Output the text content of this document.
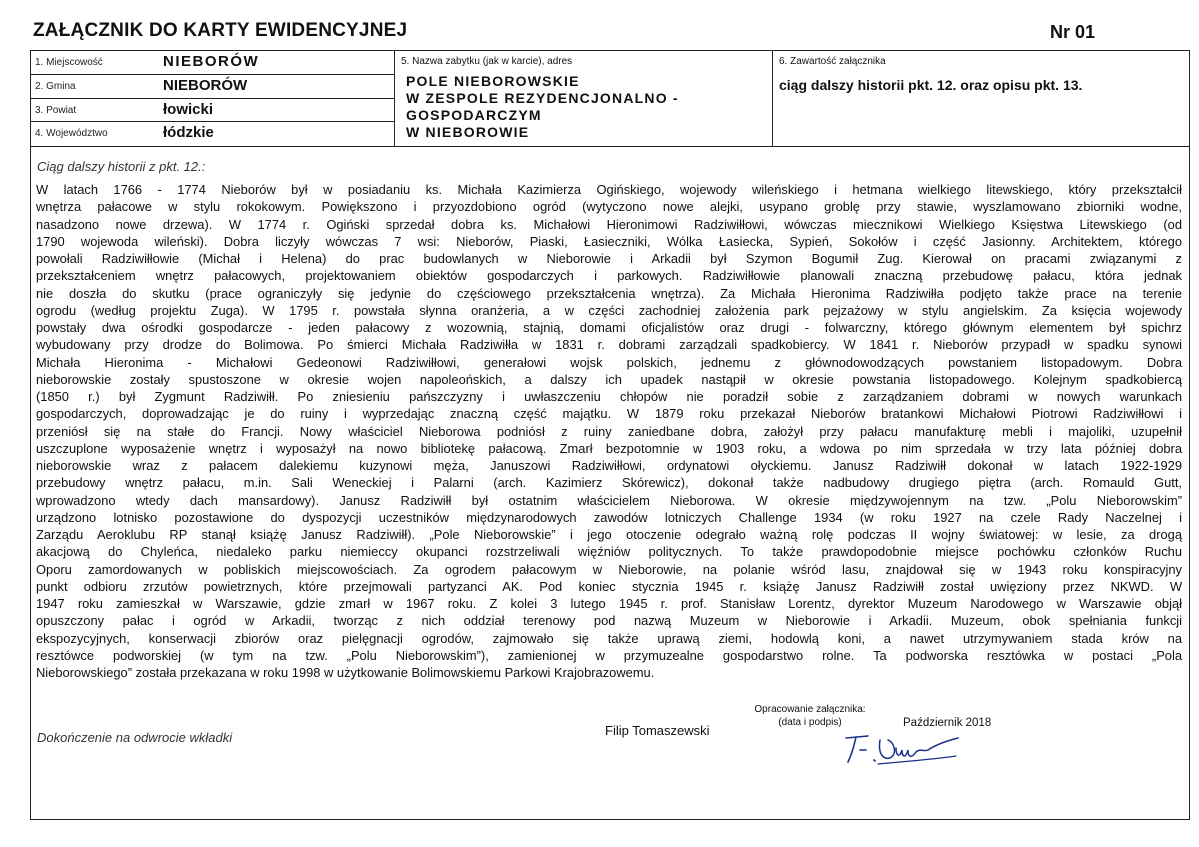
ZAŁĄCZNIK DO KARTY EWIDENCYJNEJ	Nr 01
1. Miejscowość	NIEBORÓW
2. Gmina	NIEBORÓW
3. Powiat	łowicki
4. Województwo	łódzkie
5. Nazwa zabytku (jak w karcie), adres
POLE NIEBOROWSKIE
W ZESPOLE REZYDENCJONALNO -
GOSPODARCZYM
W NIEBOROWIE
6. Zawartość załącznika
ciąg dalszy historii pkt. 12. oraz opisu pkt. 13.
Ciąg dalszy historii z pkt. 12.:

W latach 1766 - 1774 Nieborów był w posiadaniu ks. Michała Kazimierza Ogińskiego, wojewody wileńskiego i hetmana wielkiego litewskiego, który przekształcił

wnętrza pałacowe w stylu rokokowym. Powiększono i przyozdobiono ogród (wytyczono nowe alejki, usypano groblę przy stawie, wyszlamowano zbiorniki wodne,

nasadzono nowe drzewa). W 1774 r. Ogiński sprzedał dobra ks. Michałowi Hieronimowi Radziwiłłowi, wówczas miecznikowi Wielkiego Księstwa Litewskiego (od

1790 wojewoda wileński). Dobra liczyły wówczas 7 wsi: Nieborów, Piaski, Łasieczniki, Wólka Łasiecka, Sypień, Sokołów i część Jasionny. Architektem, którego

powołali Radziwiłłowie (Michał i Helena) do prac budowlanych w Nieborowie i Arkadii był Szymon Bogumił Zug. Kierował on pracami związanymi z

przekształceniem wnętrz pałacowych, projektowaniem obiektów gospodarczych i parkowych. Radziwiłłowie planowali znaczną przebudowę pałacu, która jednak

nie doszła do skutku (prace ograniczyły się jedynie do częściowego przekształcenia wnętrza). Za Michała Hieronima Radziwiłła podjęto także prace na terenie

ogrodu (według projektu Zuga). W 1795 r. powstała słynna oranżeria, a w części zachodniej założenia park pejzażowy w stylu angielskim. Za księcia wojewody

powstały dwa ośrodki gospodarcze - jeden pałacowy z wozownią, stajnią, domami oficjalistów oraz drugi - folwarczny, którego głównym elementem był spichrz

wybudowany przy drodze do Bolimowa. Po śmierci Michała Radziwiłła w 1831 r. dobrami zarządzali spadkobiercy. W 1841 r. Nieborów przypadł w spadku synowi

Michała Hieronima - Michałowi Gedeonowi Radziwiłłowi, generałowi wojsk polskich, jednemu z głównodowodzących powstaniem listopadowym. Dobra

nieborowskie zostały spustoszone w okresie wojen napoleońskich, a dalszy ich upadek nastąpił w okresie powstania listopadowego. Kolejnym spadkobiercą

(1850 r.) był Zygmunt Radziwiłł. Po zniesieniu pańszczyzny i uwłaszczeniu chłopów nie poradził sobie z zarządzaniem dobrami w nowych warunkach

gospodarczych, doprowadzając je do ruiny i wyprzedając znaczną część majątku. W 1879 roku przekazał Nieborów bratankowi Michałowi Piotrowi Radziwiłłowi i

przeniósł się na stałe do Francji. Nowy właściciel Nieborowa podniósł z ruiny zaniedbane dobra, założył przy pałacu manufakturę mebli i majoliki, uzupełnił

uszczuplone wyposażenie wnętrz i wyposażył na nowo bibliotekę pałacową. Zmarł bezpotomnie w 1903 roku, a wdowa po nim sprzedała w trzy lata później dobra

nieborowskie wraz z pałacem dalekiemu kuzynowi męża, Januszowi Radziwiłłowi, ordynatowi ołyckiemu. Janusz Radziwiłł dokonał w latach 1922-1929

przebudowy wnętrz pałacu, m.in. Sali Weneckiej i Palarni (arch. Kazimierz Skórewicz), dokonał także nadbudowy drugiego piętra (arch. Romauld Gutt,

wprowadzono wtedy dach mansardowy). Janusz Radziwiłł był ostatnim właścicielem Nieborowa. W okresie międzywojennym na tzw. „Polu Nieborowskim”

urządzono lotnisko pozostawione do dyspozycji uczestników międzynarodowych zawodów lotniczych Challenge 1934 (w roku 1927 na czele Rady Naczelnej i

Zarządu Aeroklubu RP stanął książę Janusz Radziwiłł). „Pole Nieborowskie” i jego otoczenie odegrało ważną rolę podczas II wojny światowej: w lesie, za drogą

akacjową do Chyleńca, niedaleko parku niemieccy okupanci rozstrzeliwali więźniów politycznych. To także prawdopodobnie miejsce pochówku członków Ruchu

Oporu zamordowanych w pobliskich miejscowościach. Za ogrodem pałacowym w Nieborowie, na polanie wśród lasu, znajdował się w 1943 roku konspiracyjny

punkt odbioru zrzutów powietrznych, które przejmowali partyzanci AK. Pod koniec stycznia 1945 r. książę Janusz Radziwiłł został uwięziony przez NKWD. W

1947 roku zamieszkał w Warszawie, gdzie zmarł w 1967 roku. Z kolei 3 lutego 1945 r. prof. Stanisław Lorentz, dyrektor Muzeum Narodowego w Warszawie objął

opuszczony pałac i ogród w Arkadii, tworząc z nich oddział terenowy pod nazwą Muzeum w Nieborowie i Arkadii. Muzeum, obok spełniania funkcji

ekspozycyjnych, konserwacji zbiorów oraz pielęgnacji ogrodów, zajmowało się także uprawą ziemi, hodowlą koni, a nawet utrzymywaniem stada krów na

resztówce podworskiej (w tym na tzw. „Polu Nieborowskim”), zamienionej w przymuzealne gospodarstwo rolne. Ta podworska resztówka w postaci „Pola

Nieborowskiego” została przekazana w roku 1998 w użytkowanie Bolimowskiemu Parkowi Krajobrazowemu.

Dokończenie na odwrocie wkładki	Filip Tomaszewski
Opracowanie załącznika:
(data i podpis)	Październik 2018
